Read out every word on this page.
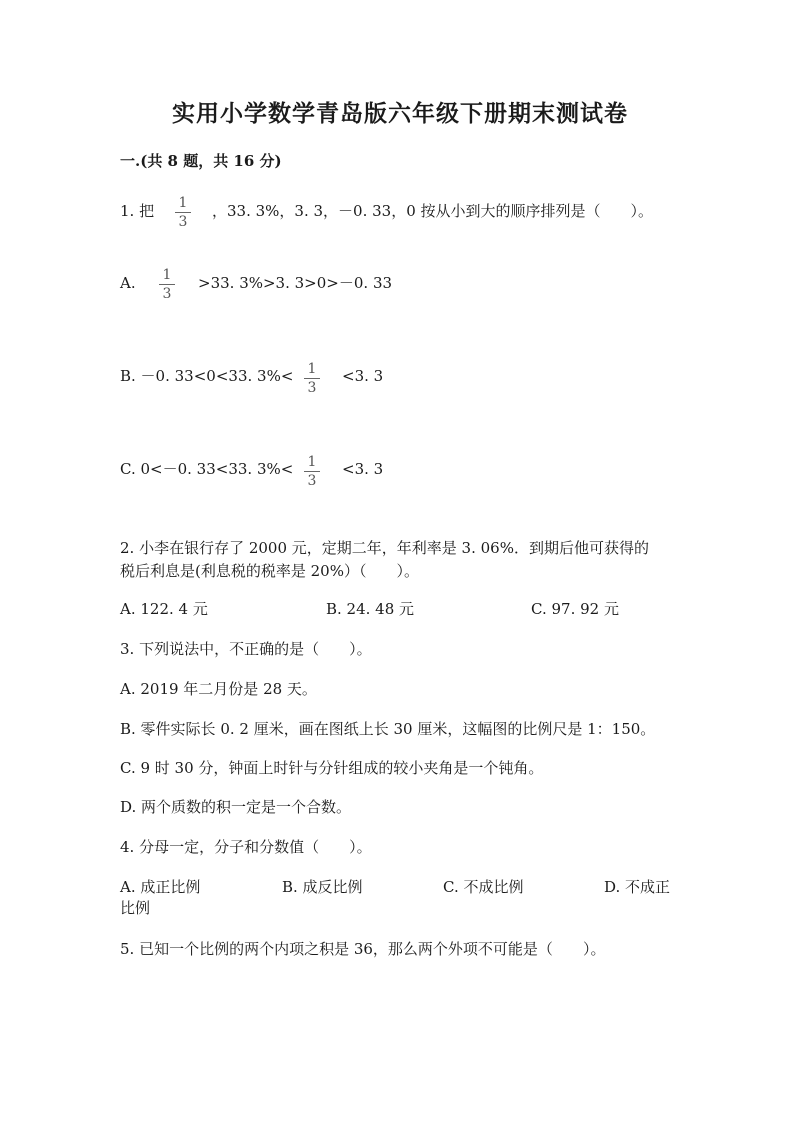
实用小学数学青岛版六年级下册期末测试卷
一.(共 8 题，共 16 分)
1. 把 1
3
，33. 3%，3. 3，－0. 33，0 按从小到大的顺序排列是（　　）。
A. 1
3
>33. 3%>3. 3>0>－0. 33
B. －0. 33<0<33. 3%< 1
3
<3. 3
C. 0<－0. 33<33. 3%< 1
3
<3. 3
2. 小李在银行存了 2000 元，定期二年，年利率是 3. 06%．到期后他可获得的
税后利息是(利息税的税率是 20%）（　　）。
A. 122. 4 元	B. 24. 48 元	C. 97. 92 元
3. 下列说法中，不正确的是（　　）。
A. 2019 年二月份是 28 天。
B. 零件实际长 0. 2 厘米，画在图纸上长 30 厘米，这幅图的比例尺是 1：150。
C. 9 时 30 分，钟面上时针与分针组成的较小夹角是一个钝角。
D. 两个质数的积一定是一个合数。
4. 分母一定，分子和分数值（　　）。
A. 成正比例	B. 成反比例	C. 不成比例	D. 不成正
比例
5. 已知一个比例的两个内项之积是 36，那么两个外项不可能是（　　）。
